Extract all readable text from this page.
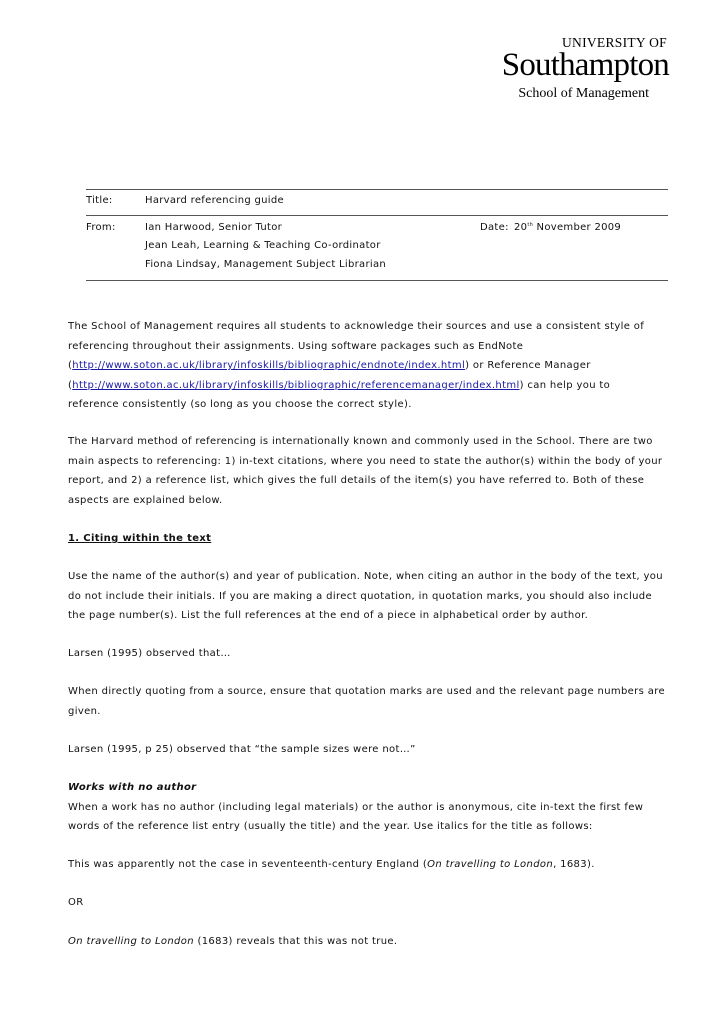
UNIVERSITY OF
Southampton
School of Management
Title:	Harvard referencing guide
From:	Ian Harwood, Senior Tutor
Jean Leah, Learning & Teaching Co-ordinator
Fiona Lindsay, Management Subject Librarian
Date: 20th November 2009
The School of Management requires all students to acknowledge their sources and use a consistent style of
referencing throughout their assignments. Using software packages such as EndNote
(http://www.soton.ac.uk/library/infoskills/bibliographic/endnote/index.html) or Reference Manager
(http://www.soton.ac.uk/library/infoskills/bibliographic/referencemanager/index.html) can help you to
reference consistently (so long as you choose the correct style).
The Harvard method of referencing is internationally known and commonly used in the School. There are two
main aspects to referencing: 1) in-text citations, where you need to state the author(s) within the body of your
report, and 2) a reference list, which gives the full details of the item(s) you have referred to. Both of these
aspects are explained below.
1. Citing within the text
Use the name of the author(s) and year of publication. Note, when citing an author in the body of the text, you
do not include their initials. If you are making a direct quotation, in quotation marks, you should also include
the page number(s). List the full references at the end of a piece in alphabetical order by author.
Larsen (1995) observed that…
When directly quoting from a source, ensure that quotation marks are used and the relevant page numbers are
given.
Larsen (1995, p 25) observed that “the sample sizes were not…”
Works with no author
When a work has no author (including legal materials) or the author is anonymous, cite in-text the first few
words of the reference list entry (usually the title) and the year. Use italics for the title as follows:
This was apparently not the case in seventeenth-century England (On travelling to London, 1683).
OR
On travelling to London (1683) reveals that this was not true.
